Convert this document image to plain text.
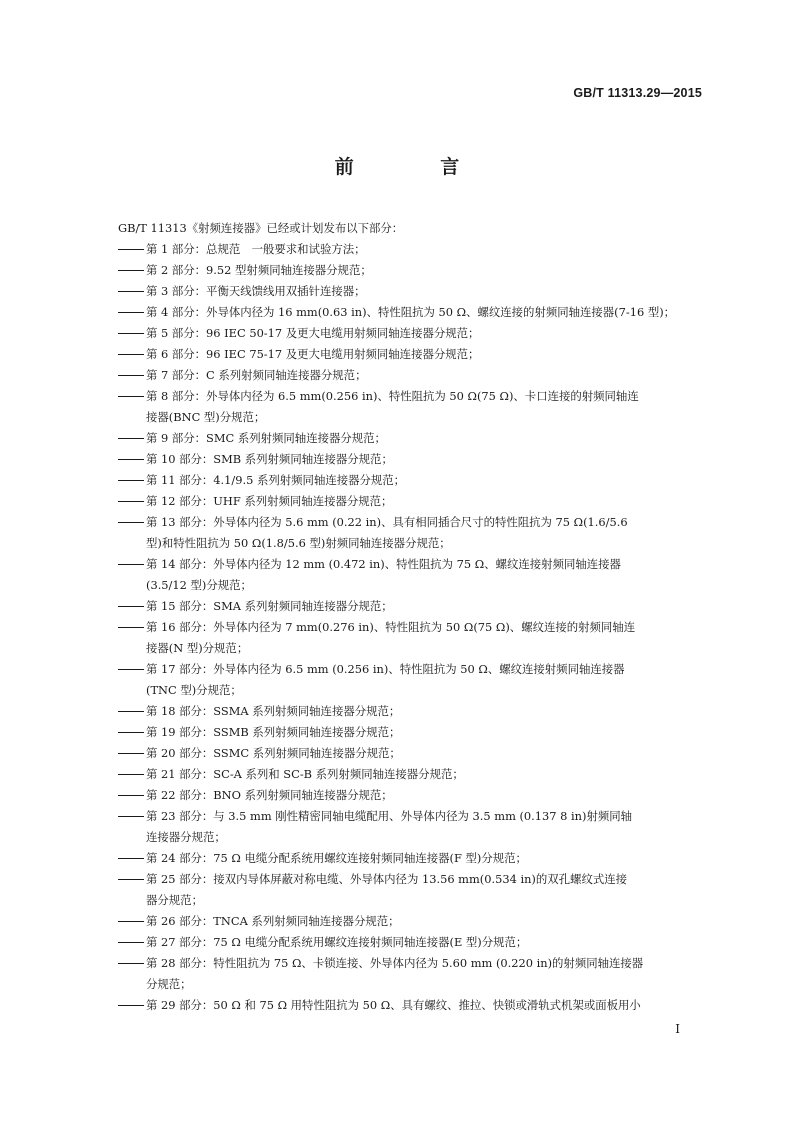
GB/T 11313.29—2015
前 言
GB/T 11313《射频连接器》已经或计划发布以下部分：
第 1 部分：总规范　一般要求和试验方法；
第 2 部分：9.52 型射频同轴连接器分规范；
第 3 部分：平衡天线馈线用双插针连接器；
第 4 部分：外导体内径为 16 mm(0.63 in)、特性阻抗为 50 Ω、螺纹连接的射频同轴连接器(7-16 型)；
第 5 部分：96 IEC 50-17 及更大电缆用射频同轴连接器分规范；
第 6 部分：96 IEC 75-17 及更大电缆用射频同轴连接器分规范；
第 7 部分：C 系列射频同轴连接器分规范；
第 8 部分：外导体内径为 6.5 mm(0.256 in)、特性阻抗为 50 Ω(75 Ω)、卡口连接的射频同轴连
接器(BNC 型)分规范；
第 9 部分：SMC 系列射频同轴连接器分规范；
第 10 部分：SMB 系列射频同轴连接器分规范；
第 11 部分：4.1/9.5 系列射频同轴连接器分规范；
第 12 部分：UHF 系列射频同轴连接器分规范；
第 13 部分：外导体内径为 5.6 mm (0.22 in)、具有相同插合尺寸的特性阻抗为 75 Ω(1.6/5.6
型)和特性阻抗为 50 Ω(1.8/5.6 型)射频同轴连接器分规范；
第 14 部分：外导体内径为 12 mm (0.472 in)、特性阻抗为 75 Ω、螺纹连接射频同轴连接器
(3.5/12 型)分规范；
第 15 部分：SMA 系列射频同轴连接器分规范；
第 16 部分：外导体内径为 7 mm(0.276 in)、特性阻抗为 50 Ω(75 Ω)、螺纹连接的射频同轴连
接器(N 型)分规范；
第 17 部分：外导体内径为 6.5 mm (0.256 in)、特性阻抗为 50 Ω、螺纹连接射频同轴连接器
(TNC 型)分规范；
第 18 部分：SSMA 系列射频同轴连接器分规范；
第 19 部分：SSMB 系列射频同轴连接器分规范；
第 20 部分：SSMC 系列射频同轴连接器分规范；
第 21 部分：SC-A 系列和 SC-B 系列射频同轴连接器分规范；
第 22 部分：BNO 系列射频同轴连接器分规范；
第 23 部分：与 3.5 mm 刚性精密同轴电缆配用、外导体内径为 3.5 mm (0.137 8 in)射频同轴
连接器分规范；
第 24 部分：75 Ω 电缆分配系统用螺纹连接射频同轴连接器(F 型)分规范；
第 25 部分：接双内导体屏蔽对称电缆、外导体内径为 13.56 mm(0.534 in)的双孔螺纹式连接
器分规范；
第 26 部分：TNCA 系列射频同轴连接器分规范；
第 27 部分：75 Ω 电缆分配系统用螺纹连接射频同轴连接器(E 型)分规范；
第 28 部分：特性阻抗为 75 Ω、卡锁连接、外导体内径为 5.60 mm (0.220 in)的射频同轴连接器
分规范；
第 29 部分：50 Ω 和 75 Ω 用特性阻抗为 50 Ω、具有螺纹、推拉、快锁或滑轨式机架或面板用小
I
